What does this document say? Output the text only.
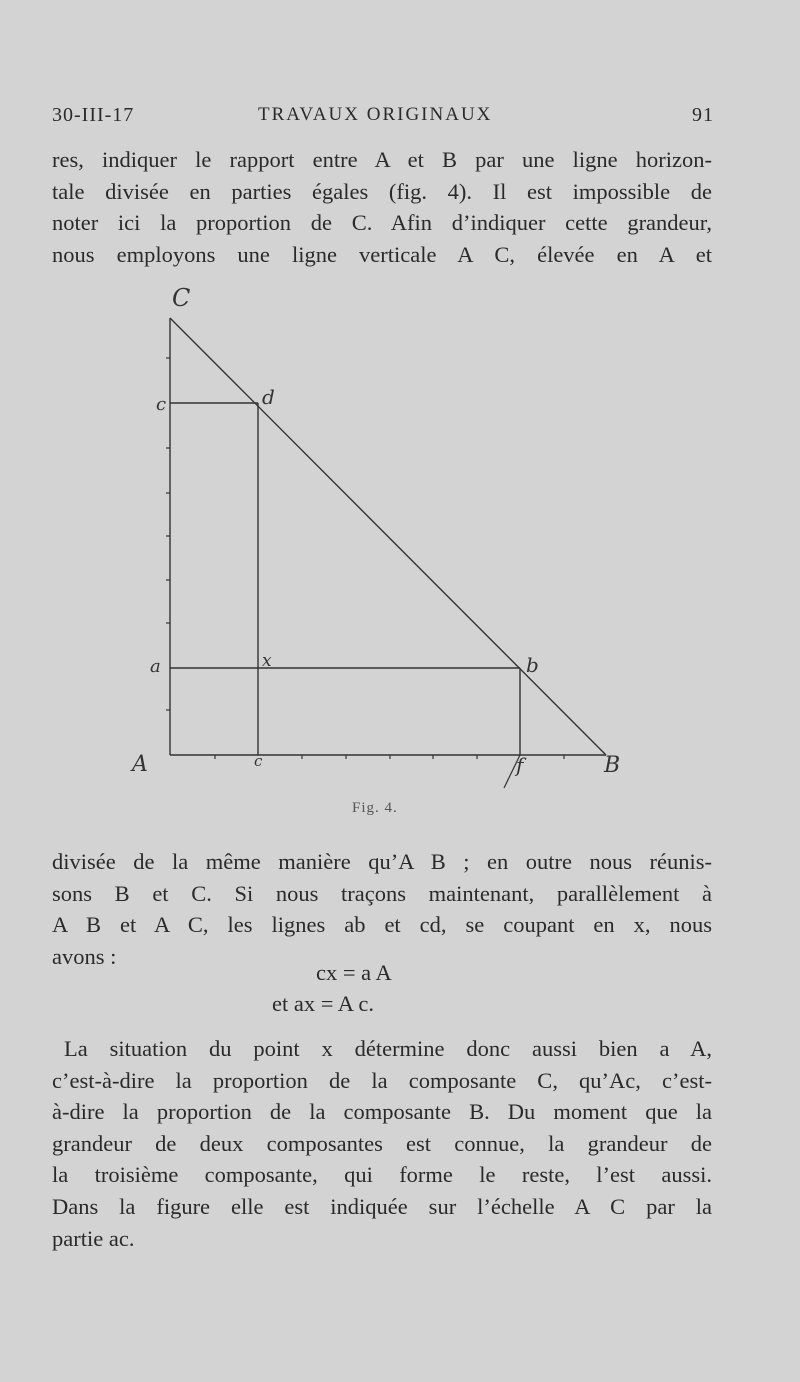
30-III-17	TRAVAUX ORIGINAUX	91
res, indiquer le rapport entre A et B par une ligne horizon-
tale divisée en parties égales (fig. 4). Il est impossible de
noter ici la proportion de C. Afin d’indiquer cette grandeur,
nous employons une ligne verticale A C, élevée en A et
C
c	d
a	x	b
A	c	f	B
Fig. 4.
divisée de la même manière qu’A B ; en outre nous réunis-
sons B et C. Si nous traçons maintenant, parallèlement à
A B et A C, les lignes ab et cd, se coupant en x, nous
avons :
cx = a A
et ax = A c.
La situation du point x détermine donc aussi bien a A,
c’est-à-dire la proportion de la composante C, qu’Ac, c’est-
à-dire la proportion de la composante B. Du moment que la
grandeur de deux composantes est connue, la grandeur de
la troisième composante, qui forme le reste, l’est aussi.
Dans la figure elle est indiquée sur l’échelle A C par la
partie ac.
